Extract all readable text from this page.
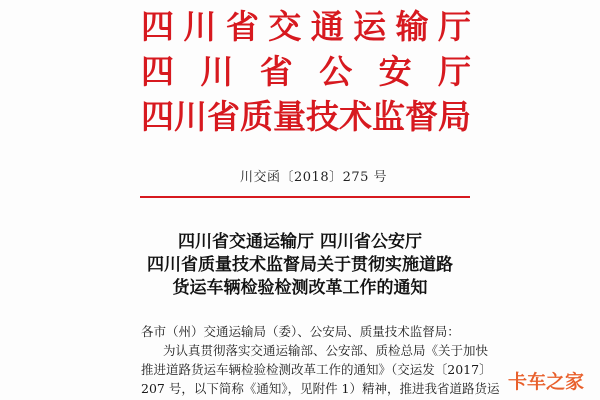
四川省交通运输厅
四川省公安厅
四川省质量技术监督局
川交函〔2018〕275 号
四川省交通运输厅 四川省公安厅
四川省质量技术监督局关于贯彻实施道路
货运车辆检验检测改革工作的通知
各市（州）交通运输局（委）、公安局、质量技术监督局：
为认真贯彻落实交通运输部、公安部、质检总局《关于加快
推进道路货运车辆检验检测改革工作的通知》（交运发〔2017〕
207 号，以下简称《通知》，见附件 1）精神，推进我省道路货运 卡车之家
